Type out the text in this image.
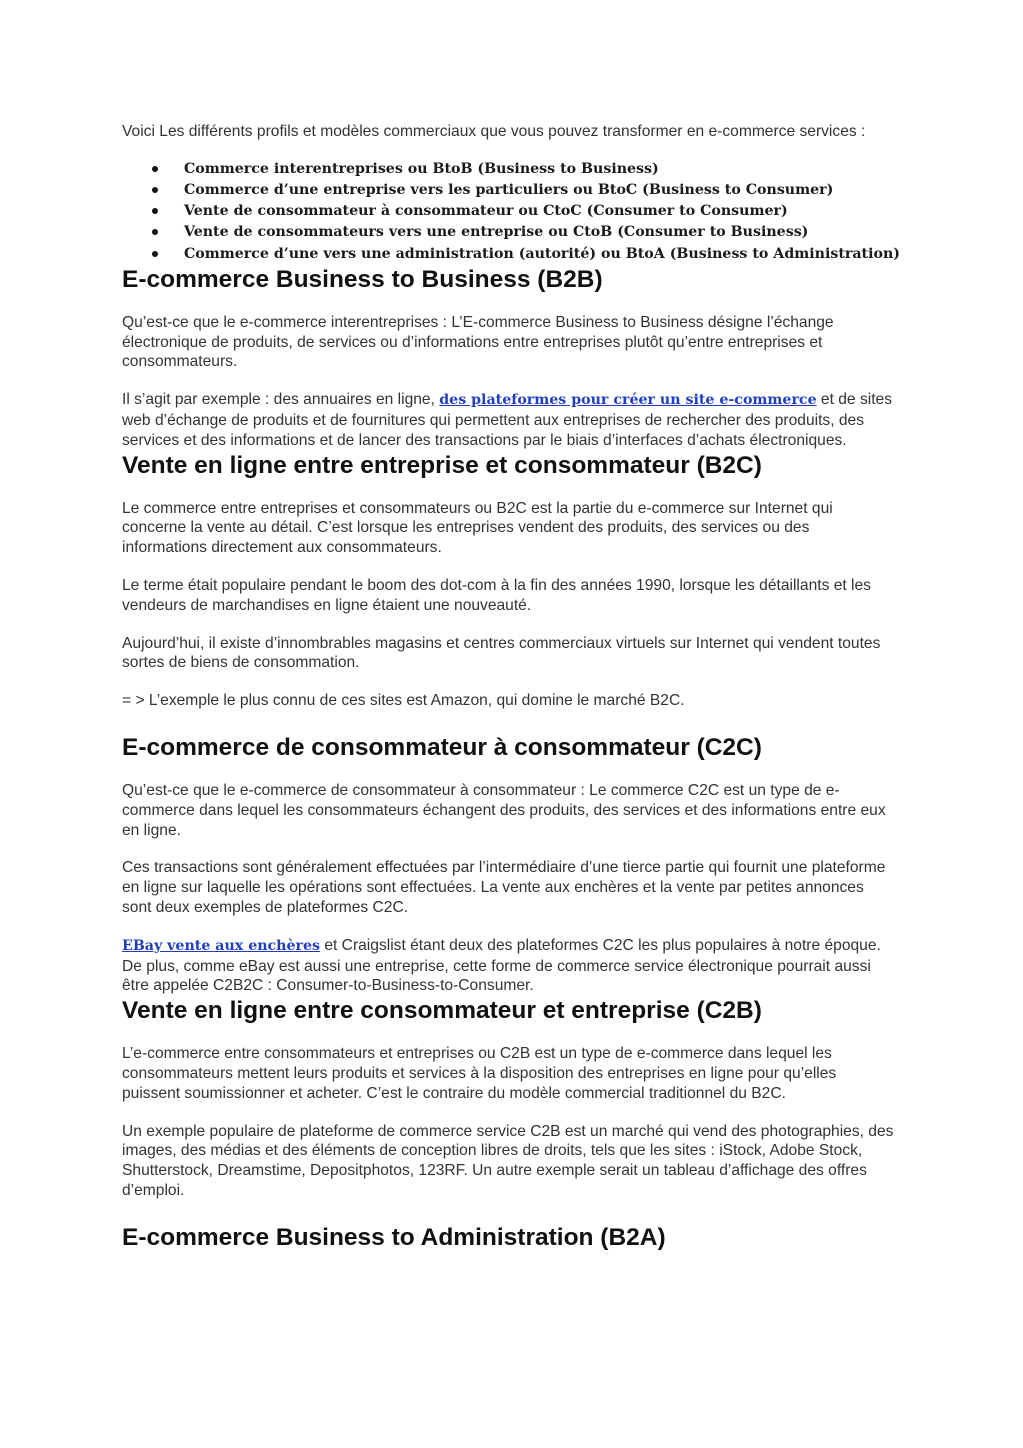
Voici Les différents profils et modèles commerciaux que vous pouvez transformer en e-commerce services :

Commerce interentreprises ou BtoB (Business to Business)
Commerce d’une entreprise vers les particuliers ou BtoC (Business to Consumer)
Vente de consommateur à consommateur ou CtoC (Consumer to Consumer)
Vente de consommateurs vers une entreprise ou CtoB (Consumer to Business)
Commerce d’une vers une administration (autorité) ou BtoA (Business to Administration)
E-commerce Business to Business (B2B)

Qu’est-ce que le e-commerce interentreprises : L’E-commerce Business to Business désigne l’échange électronique de produits, de services ou d’informations entre entreprises plutôt qu’entre entreprises et consommateurs.

Il s’agit par exemple : des annuaires en ligne, des plateformes pour créer un site e-commerce et de sites web d’échange de produits et de fournitures qui permettent aux entreprises de rechercher des produits, des services et des informations et de lancer des transactions par le biais d’interfaces d’achats électroniques.

Vente en ligne entre entreprise et consommateur (B2C)

Le commerce entre entreprises et consommateurs ou B2C est la partie du e-commerce sur Internet qui concerne la vente au détail. C’est lorsque les entreprises vendent des produits, des services ou des informations directement aux consommateurs.

Le terme était populaire pendant le boom des dot-com à la fin des années 1990, lorsque les détaillants et les vendeurs de marchandises en ligne étaient une nouveauté.

Aujourd’hui, il existe d’innombrables magasins et centres commerciaux virtuels sur Internet qui vendent toutes sortes de biens de consommation.

= > L’exemple le plus connu de ces sites est Amazon, qui domine le marché B2C.

E-commerce de consommateur à consommateur (C2C)

Qu’est-ce que le e-commerce de consommateur à consommateur : Le commerce C2C est un type de e-commerce dans lequel les consommateurs échangent des produits, des services et des informations entre eux en ligne.

Ces transactions sont généralement effectuées par l’intermédiaire d’une tierce partie qui fournit une plateforme en ligne sur laquelle les opérations sont effectuées. La vente aux enchères et la vente par petites annonces sont deux exemples de plateformes C2C.

EBay vente aux enchères et Craigslist étant deux des plateformes C2C les plus populaires à notre époque. De plus, comme eBay est aussi une entreprise, cette forme de commerce service électronique pourrait aussi être appelée C2B2C : Consumer-to-Business-to-Consumer.

Vente en ligne entre consommateur et entreprise (C2B)

L’e-commerce entre consommateurs et entreprises ou C2B est un type de e-commerce dans lequel les consommateurs mettent leurs produits et services à la disposition des entreprises en ligne pour qu’elles puissent soumissionner et acheter. C’est le contraire du modèle commercial traditionnel du B2C.

Un exemple populaire de plateforme de commerce service C2B est un marché qui vend des photographies, des images, des médias et des éléments de conception libres de droits, tels que les sites : iStock, Adobe Stock, Shutterstock, Dreamstime, Depositphotos, 123RF. Un autre exemple serait un tableau d’affichage des offres d’emploi.

E-commerce Business to Administration (B2A)
